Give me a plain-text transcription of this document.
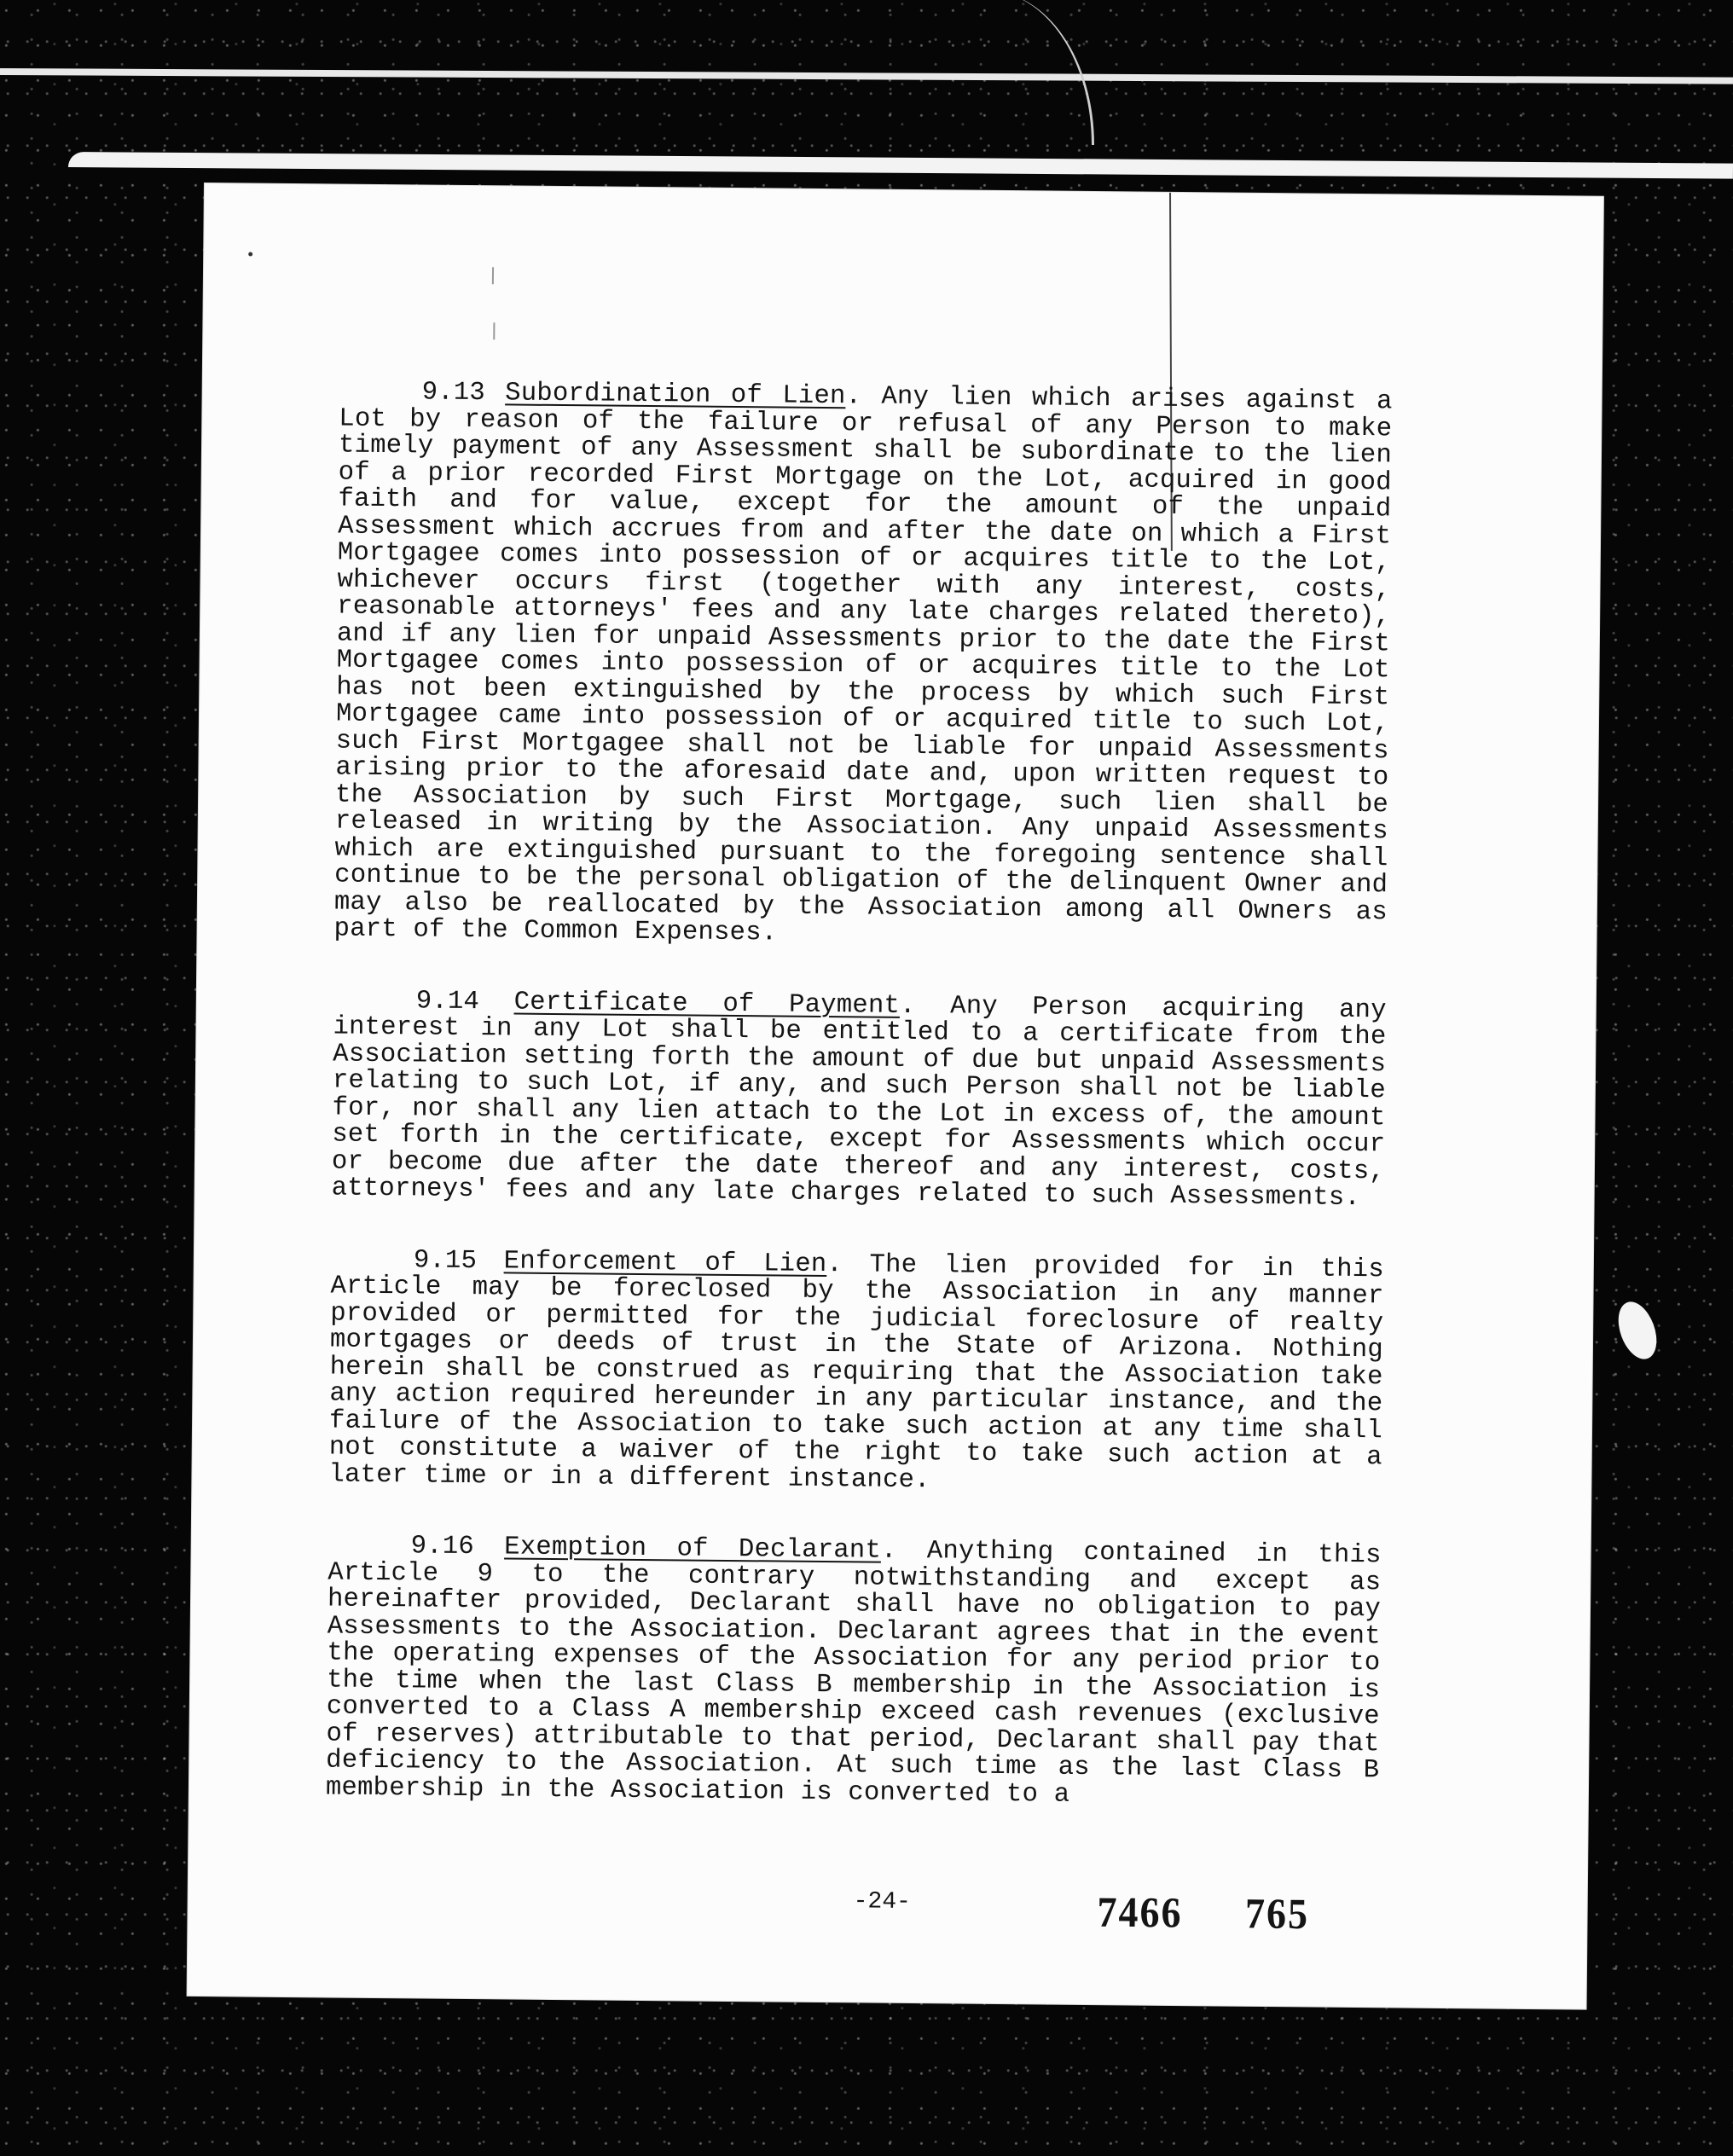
9.13 Subordination of Lien. Any lien which arises against a Lot by reason of the failure or refusal of any Person to make timely payment of any Assessment shall be subordinate to the lien of a prior recorded First Mortgage on the Lot, acquired in good faith and for value, except for the amount of the unpaid Assessment which accrues from and after the date on which a First Mortgagee comes into possession of or acquires title to the Lot, whichever occurs first (together with any interest, costs, reasonable attorneys' fees and any late charges related thereto), and if any lien for unpaid Assessments prior to the date the First Mortgagee comes into possession of or acquires title to the Lot has not been extinguished by the process by which such First Mortgagee came into possession of or acquired title to such Lot, such First Mortgagee shall not be liable for unpaid Assessments arising prior to the aforesaid date and, upon written request to the Association by such First Mortgage, such lien shall be released in writing by the Association. Any unpaid Assessments which are extinguished pursuant to the foregoing sentence shall continue to be the personal obligation of the delinquent Owner and may also be reallocated by the Association among all Owners as part of the Common Expenses.

9.14 Certificate of Payment. Any Person acquiring any interest in any Lot shall be entitled to a certificate from the Association setting forth the amount of due but unpaid Assessments relating to such Lot, if any, and such Person shall not be liable for, nor shall any lien attach to the Lot in excess of, the amount set forth in the certificate, except for Assessments which occur or become due after the date thereof and any interest, costs, attorneys' fees and any late charges related to such Assessments.

9.15 Enforcement of Lien. The lien provided for in this Article may be foreclosed by the Association in any manner provided or permitted for the judicial foreclosure of realty mortgages or deeds of trust in the State of Arizona. Nothing herein shall be construed as requiring that the Association take any action required hereunder in any particular instance, and the failure of the Association to take such action at any time shall not constitute a waiver of the right to take such action at a later time or in a different instance.

9.16 Exemption of Declarant. Anything contained in this Article 9 to the contrary notwithstanding and except as hereinafter provided, Declarant shall have no obligation to pay Assessments to the Association. Declarant agrees that in the event the operating expenses of the Association for any period prior to the time when the last Class B membership in the Association is converted to a Class A membership exceed cash revenues (exclusive of reserves) attributable to that period, Declarant shall pay that deficiency to the Association. At such time as the last Class B membership in the Association is converted to a

-24-	7466 765
